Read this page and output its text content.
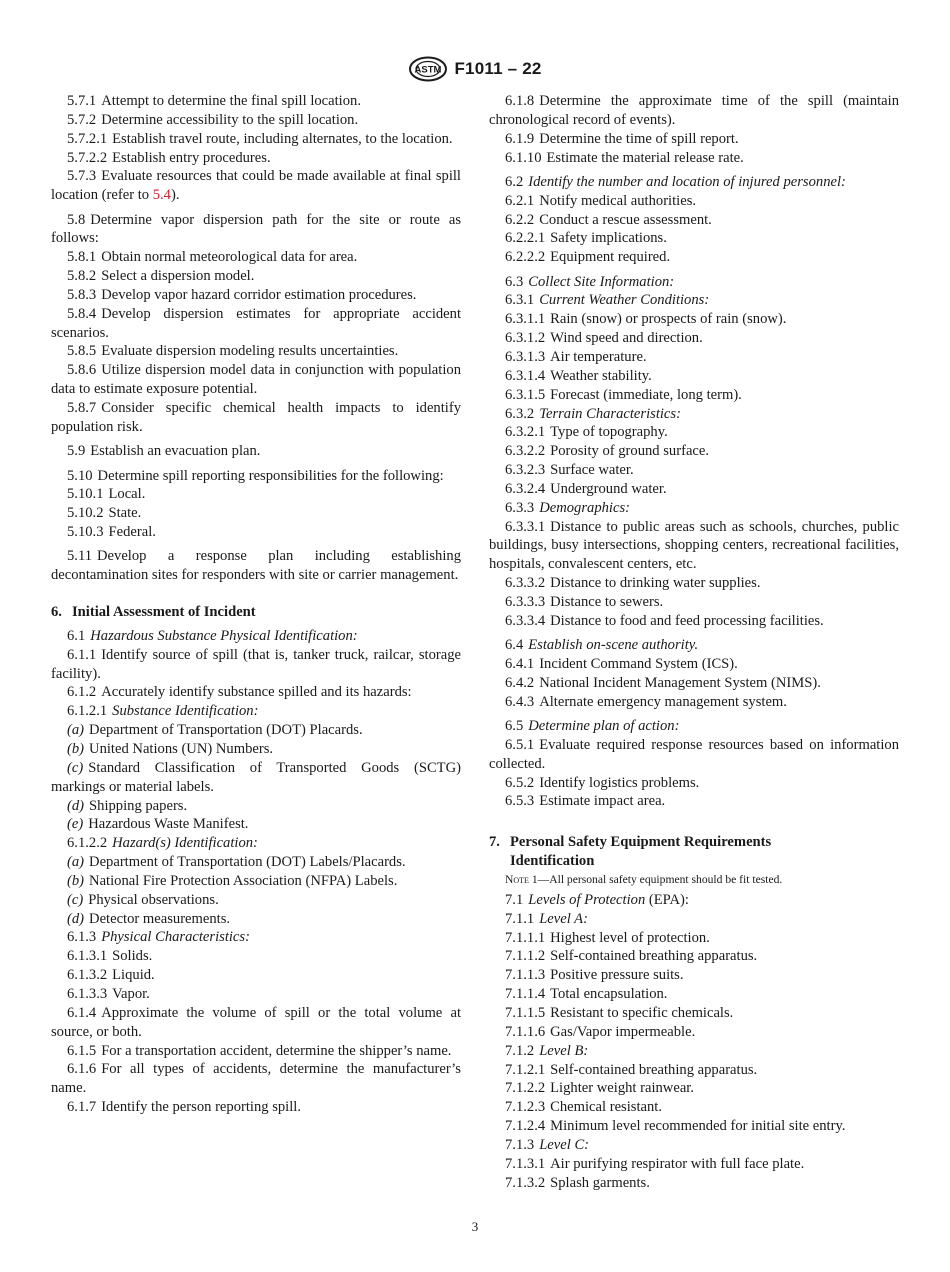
ASTM F1011 – 22

5.7.1 Attempt to determine the final spill location.

5.7.2 Determine accessibility to the spill location.

5.7.2.1 Establish travel route, including alternates, to the location.

5.7.2.2 Establish entry procedures.

5.7.3 Evaluate resources that could be made available at final spill location (refer to 5.4).

5.8 Determine vapor dispersion path for the site or route as follows:

5.8.1 Obtain normal meteorological data for area.

5.8.2 Select a dispersion model.

5.8.3 Develop vapor hazard corridor estimation procedures.

5.8.4 Develop dispersion estimates for appropriate accident scenarios.

5.8.5 Evaluate dispersion modeling results uncertainties.

5.8.6 Utilize dispersion model data in conjunction with population data to estimate exposure potential.

5.8.7 Consider specific chemical health impacts to identify population risk.

5.9 Establish an evacuation plan.

5.10 Determine spill reporting responsibilities for the following:

5.10.1 Local.

5.10.2 State.

5.10.3 Federal.

5.11 Develop a response plan including establishing decontamination sites for responders with site or carrier management.

6. Initial Assessment of Incident

6.1 Hazardous Substance Physical Identification:

6.1.1 Identify source of spill (that is, tanker truck, railcar, storage facility).

6.1.2 Accurately identify substance spilled and its hazards:

6.1.2.1 Substance Identification:

(a) Department of Transportation (DOT) Placards.

(b) United Nations (UN) Numbers.

(c) Standard Classification of Transported Goods (SCTG) markings or material labels.

(d) Shipping papers.

(e) Hazardous Waste Manifest.

6.1.2.2 Hazard(s) Identification:

(a) Department of Transportation (DOT) Labels/Placards.

(b) National Fire Protection Association (NFPA) Labels.

(c) Physical observations.

(d) Detector measurements.

6.1.3 Physical Characteristics:

6.1.3.1 Solids.

6.1.3.2 Liquid.

6.1.3.3 Vapor.

6.1.4 Approximate the volume of spill or the total volume at source, or both.

6.1.5 For a transportation accident, determine the shipper’s name.

6.1.6 For all types of accidents, determine the manufacturer’s name.

6.1.7 Identify the person reporting spill.

6.1.8 Determine the approximate time of the spill (maintain chronological record of events).

6.1.9 Determine the time of spill report.

6.1.10 Estimate the material release rate.

6.2 Identify the number and location of injured personnel:

6.2.1 Notify medical authorities.

6.2.2 Conduct a rescue assessment.

6.2.2.1 Safety implications.

6.2.2.2 Equipment required.

6.3 Collect Site Information:

6.3.1 Current Weather Conditions:

6.3.1.1 Rain (snow) or prospects of rain (snow).

6.3.1.2 Wind speed and direction.

6.3.1.3 Air temperature.

6.3.1.4 Weather stability.

6.3.1.5 Forecast (immediate, long term).

6.3.2 Terrain Characteristics:

6.3.2.1 Type of topography.

6.3.2.2 Porosity of ground surface.

6.3.2.3 Surface water.

6.3.2.4 Underground water.

6.3.3 Demographics:

6.3.3.1 Distance to public areas such as schools, churches, public buildings, busy intersections, shopping centers, recreational facilities, hospitals, convalescent centers, etc.

6.3.3.2 Distance to drinking water supplies.

6.3.3.3 Distance to sewers.

6.3.3.4 Distance to food and feed processing facilities.

6.4 Establish on-scene authority.

6.4.1 Incident Command System (ICS).

6.4.2 National Incident Management System (NIMS).

6.4.3 Alternate emergency management system.

6.5 Determine plan of action:

6.5.1 Evaluate required response resources based on information collected.

6.5.2 Identify logistics problems.

6.5.3 Estimate impact area.

7. Personal Safety Equipment Requirements
Identification

Note 1—All personal safety equipment should be fit tested.

7.1 Levels of Protection (EPA):

7.1.1 Level A:

7.1.1.1 Highest level of protection.

7.1.1.2 Self-contained breathing apparatus.

7.1.1.3 Positive pressure suits.

7.1.1.4 Total encapsulation.

7.1.1.5 Resistant to specific chemicals.

7.1.1.6 Gas/Vapor impermeable.

7.1.2 Level B:

7.1.2.1 Self-contained breathing apparatus.

7.1.2.2 Lighter weight rainwear.

7.1.2.3 Chemical resistant.

7.1.2.4 Minimum level recommended for initial site entry.

7.1.3 Level C:

7.1.3.1 Air purifying respirator with full face plate.

7.1.3.2 Splash garments.

3
